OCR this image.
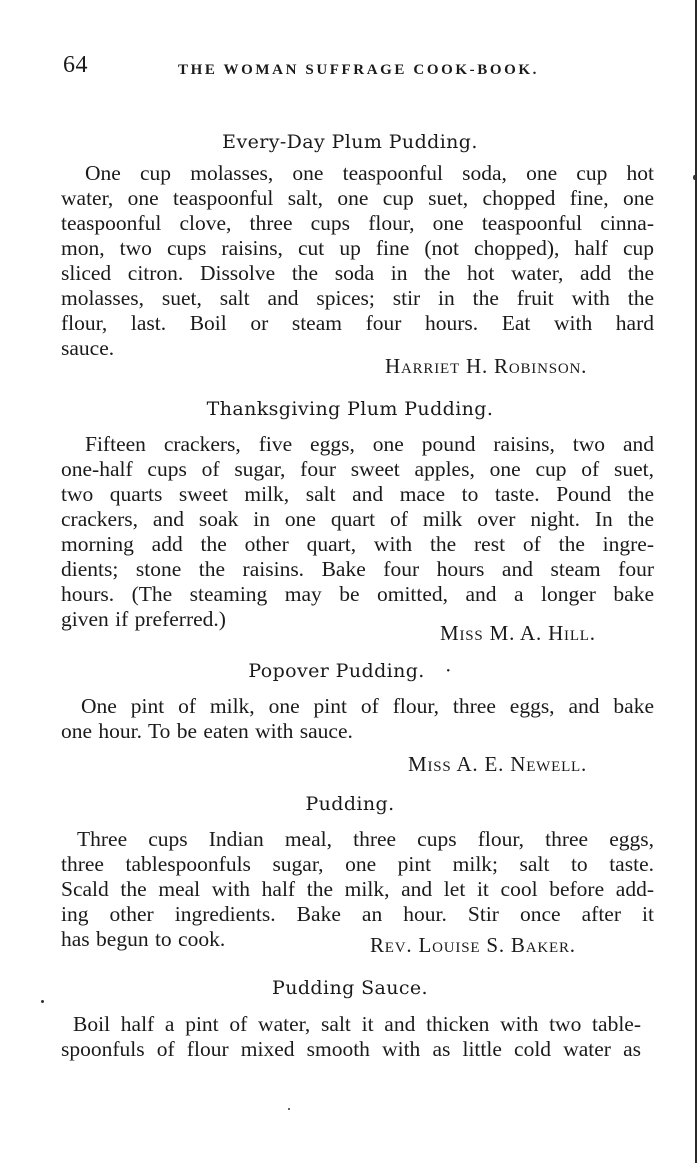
64	THE WOMAN SUFFRAGE COOK-BOOK.
Every-Day Plum Pudding.
One cup molasses, one teaspoonful soda, one cup hot
water, one teaspoonful salt, one cup suet, chopped fine, one
teaspoonful clove, three cups flour, one teaspoonful cinna-
mon, two cups raisins, cut up fine (not chopped), half cup
sliced citron. Dissolve the soda in the hot water, add the
molasses, suet, salt and spices; stir in the fruit with the
flour, last. Boil or steam four hours. Eat with hard
sauce.
Harriet H. Robinson.
Thanksgiving Plum Pudding.
Fifteen crackers, five eggs, one pound raisins, two and
one-half cups of sugar, four sweet apples, one cup of suet,
two quarts sweet milk, salt and mace to taste. Pound the
crackers, and soak in one quart of milk over night. In the
morning add the other quart, with the rest of the ingre-
dients; stone the raisins. Bake four hours and steam four
hours. (The steaming may be omitted, and a longer bake
given if preferred.)
Miss M. A. Hill.
Popover Pudding. ·
One pint of milk, one pint of flour, three eggs, and bake
one hour. To be eaten with sauce.
Miss A. E. Newell.
Pudding.
Three cups Indian meal, three cups flour, three eggs,
three tablespoonfuls sugar, one pint milk; salt to taste.
Scald the meal with half the milk, and let it cool before add-
ing other ingredients. Bake an hour. Stir once after it
has begun to cook.	Rev. Louise S. Baker.
Pudding Sauce.
Boil half a pint of water, salt it and thicken with two table-
spoonfuls of flour mixed smooth with as little cold water as
